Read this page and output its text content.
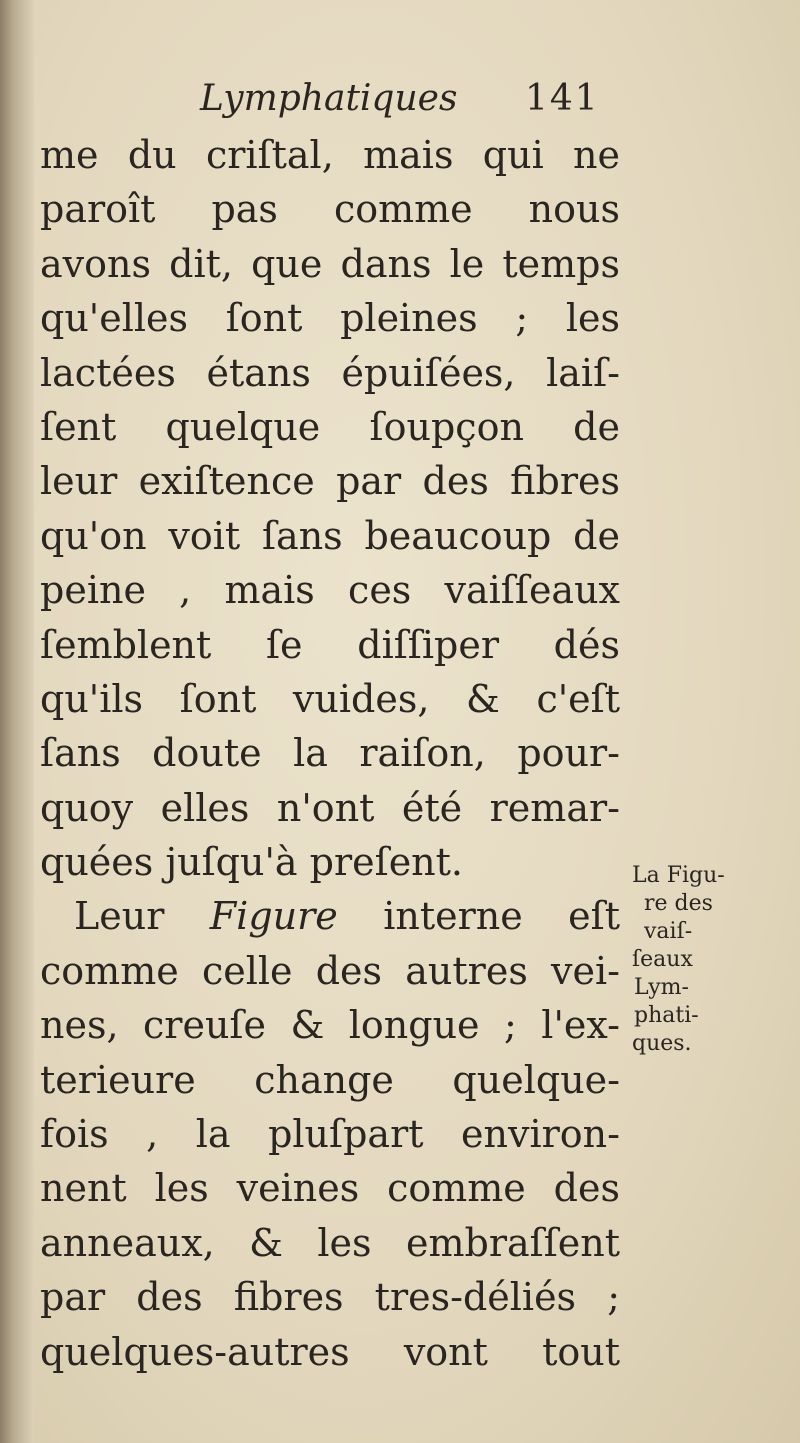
Lymphatiques 141
me du criſtal, mais qui ne
paroît pas comme nous
avons dit, que dans le temps
qu'elles ſont pleines ; les
lactées étans épuiſées, laiſ-
ſent quelque ſoupçon de
leur exiſtence par des fibres
qu'on voit ſans beaucoup de
peine , mais ces vaiſſeaux
ſemblent ſe diſſiper dés
qu'ils ſont vuides, & c'eſt
ſans doute la raiſon, pour-
quoy elles n'ont été remar-
quées juſqu'à preſent.
Leur Figure interne eſt
comme celle des autres vei-
nes, creuſe & longue ; l'ex-
terieure change quelque-
fois , la pluſpart environ-
nent les veines comme des
anneaux, & les embraſſent
par des fibres tres-déliés ;
quelques-autres vont tout
La Figu-
re des
vaiſ-
ſeaux
Lym-
phati-
ques.
